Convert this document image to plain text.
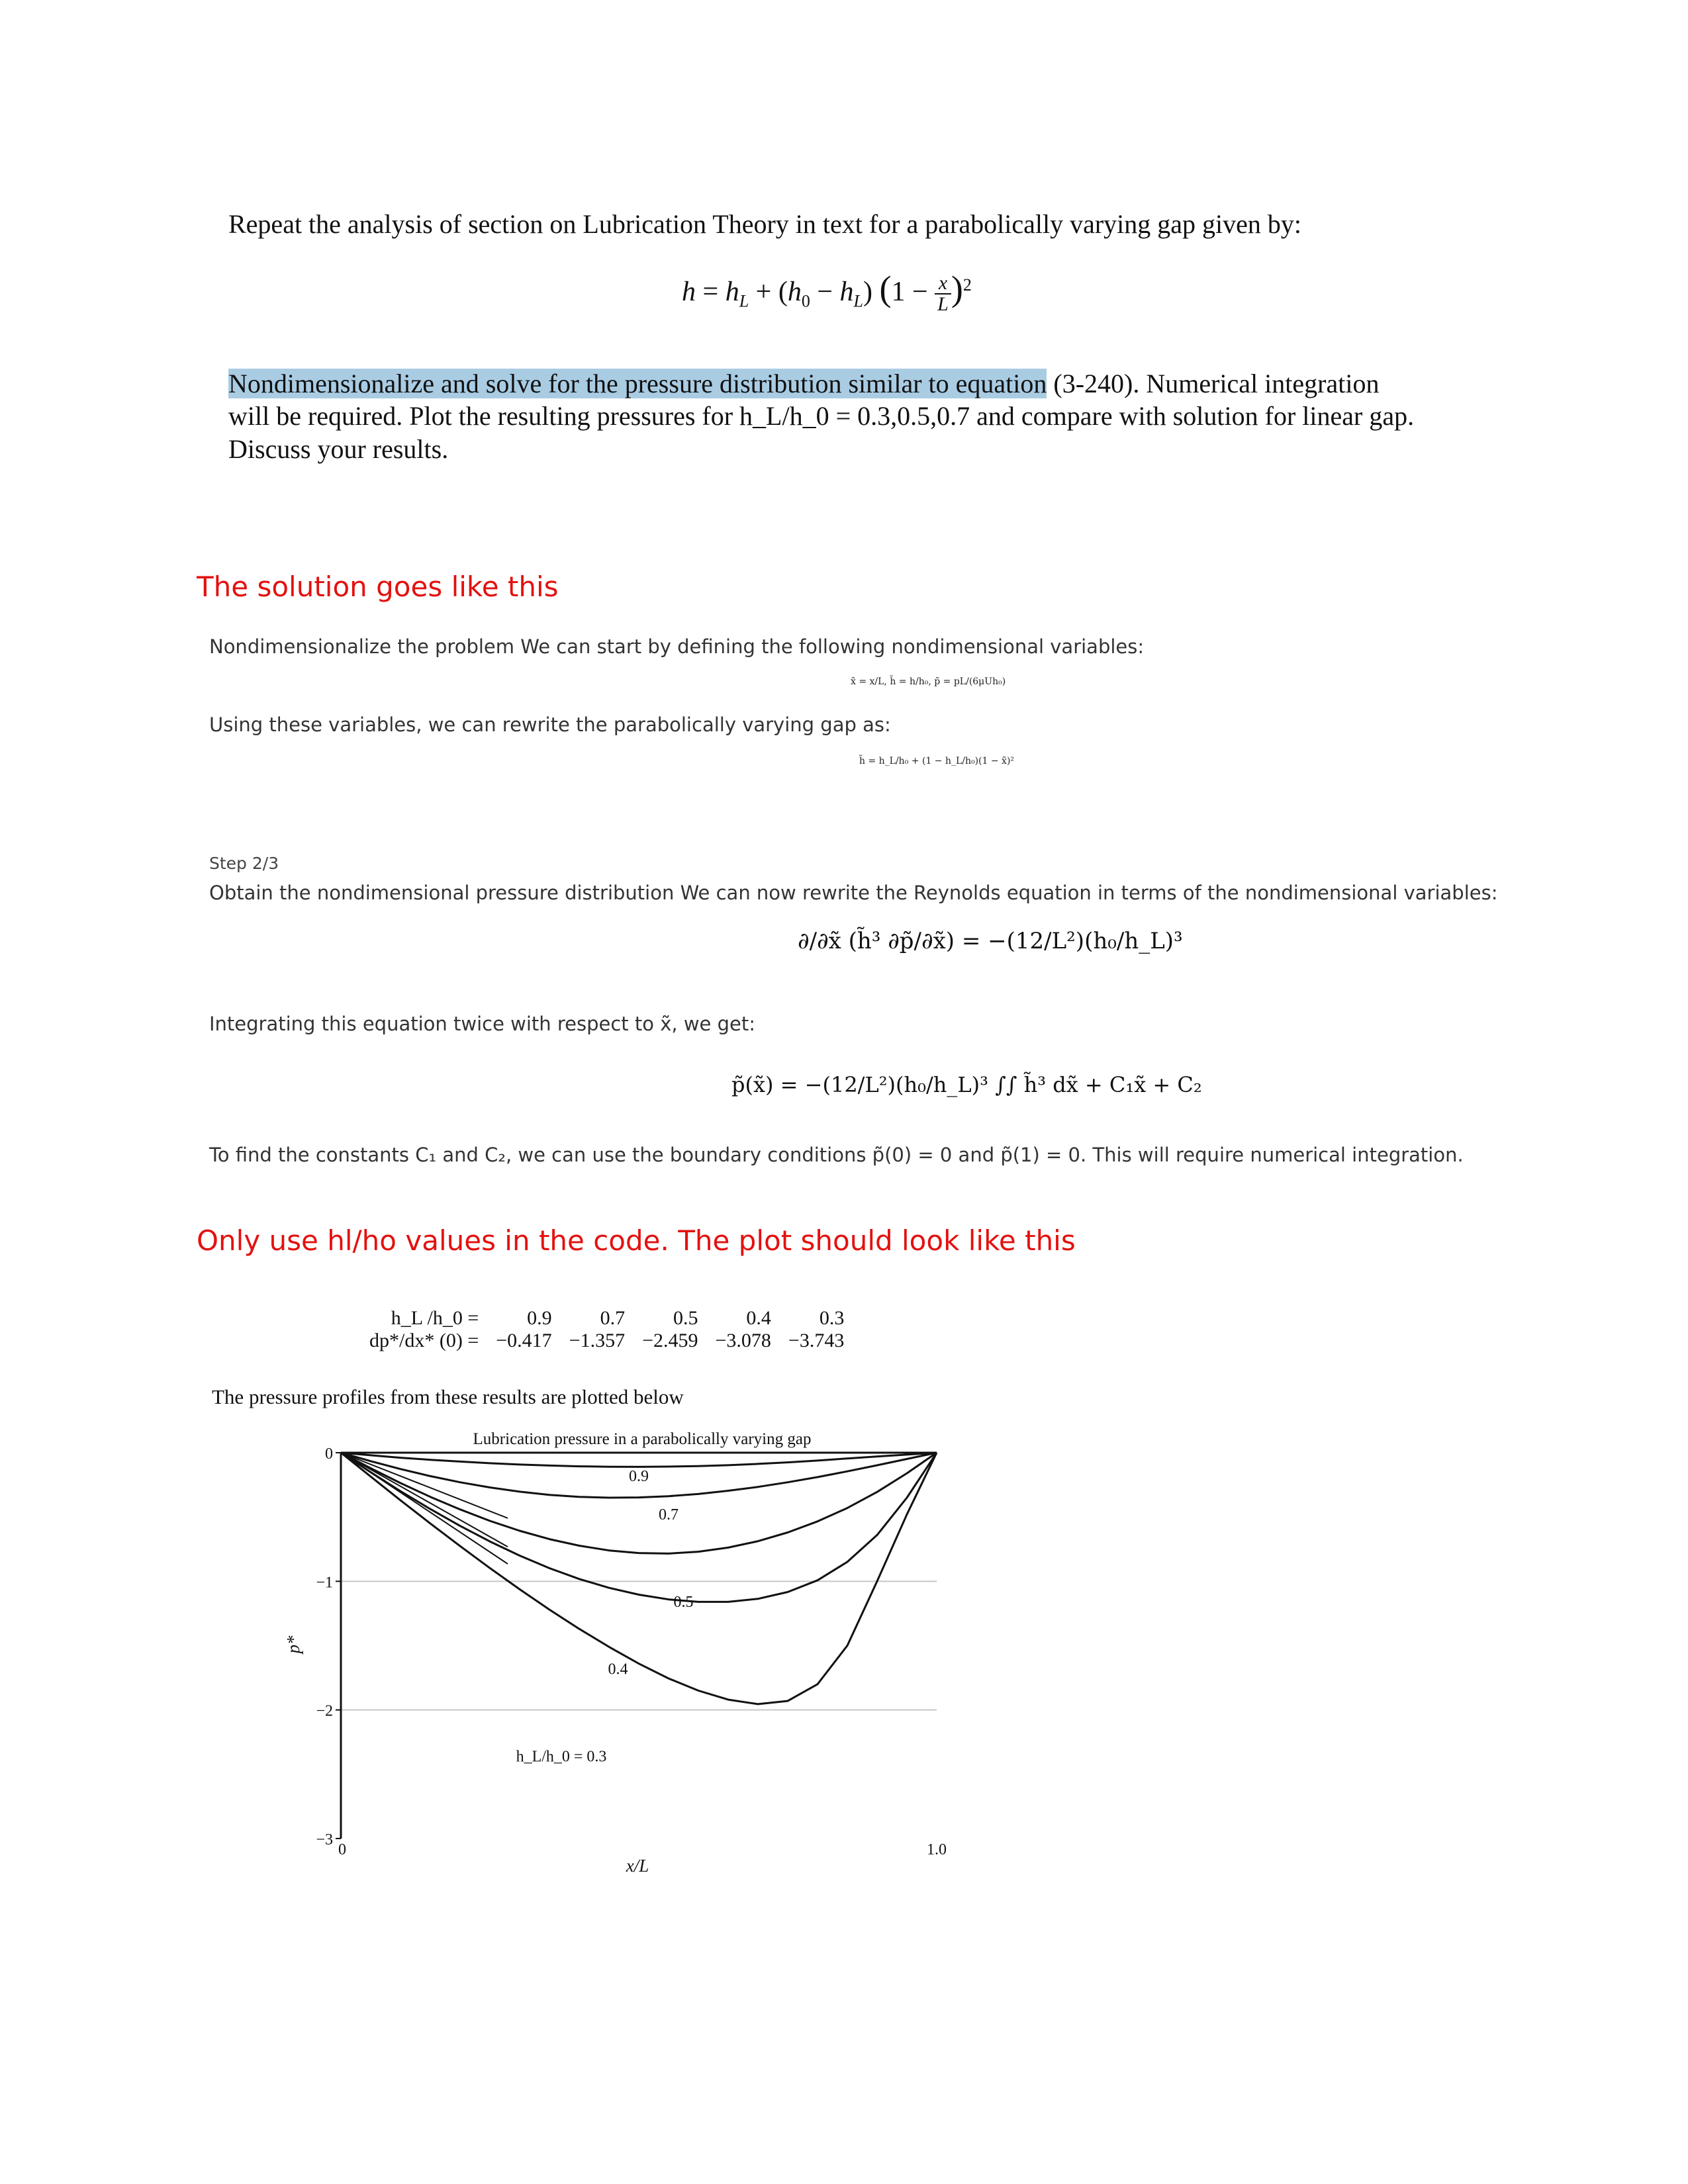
Repeat the analysis of section on Lubrication Theory in text for a parabolically varying gap given by:
$h = h_L + (h_0 - h_L) (1 - \frac{x}{L})^2$
Nondimensionalize and solve for the pressure distribution similar to equation (3-240). Numerical integration
will be required. Plot the resulting pressures for h_L/h_0 = 0.3,0.5,0.7 and compare with solution for linear gap.
Discuss your results.
The solution goes like this
Nondimensionalize the problem We can start by defining the following nondimensional variables:
x̃ = x/L, h̃ = h/h₀, p̃ = pL/(6μUh₀)
Using these variables, we can rewrite the parabolically varying gap as:
h̃ = h_L/h₀ + (1 − h_L/h₀)(1 − x̃)²
Step 2/3
Obtain the nondimensional pressure distribution We can now rewrite the Reynolds equation in terms of the nondimensional variables:
∂/∂x̃ (h̃³ ∂p̃/∂x̃) = −(12/L²)(h₀/h_L)³
Integrating this equation twice with respect to x̃, we get:
p̃(x̃) = −(12/L²)(h₀/h_L)³ ∫∫ h̃³ dx̃ + C₁x̃ + C₂
To find the constants C₁ and C₂, we can use the boundary conditions p̃(0) = 0 and p̃(1) = 0. This will require numerical integration.
Only use hl/ho values in the code. The plot should look like this
h_L /h_0 =	0.9	0.7	0.5	0.4	0.3
dp*/dx* (0) =	−0.417	−1.357	−2.459	−3.078	−3.743
The pressure profiles from these results are plotted below
Lubrication pressure in a parabolically varying gap
0
−1
−2
−3
0	1.0
0.9
0.7
0.5
0.4
h_L/h_0 = 0.3
x/L
p*
